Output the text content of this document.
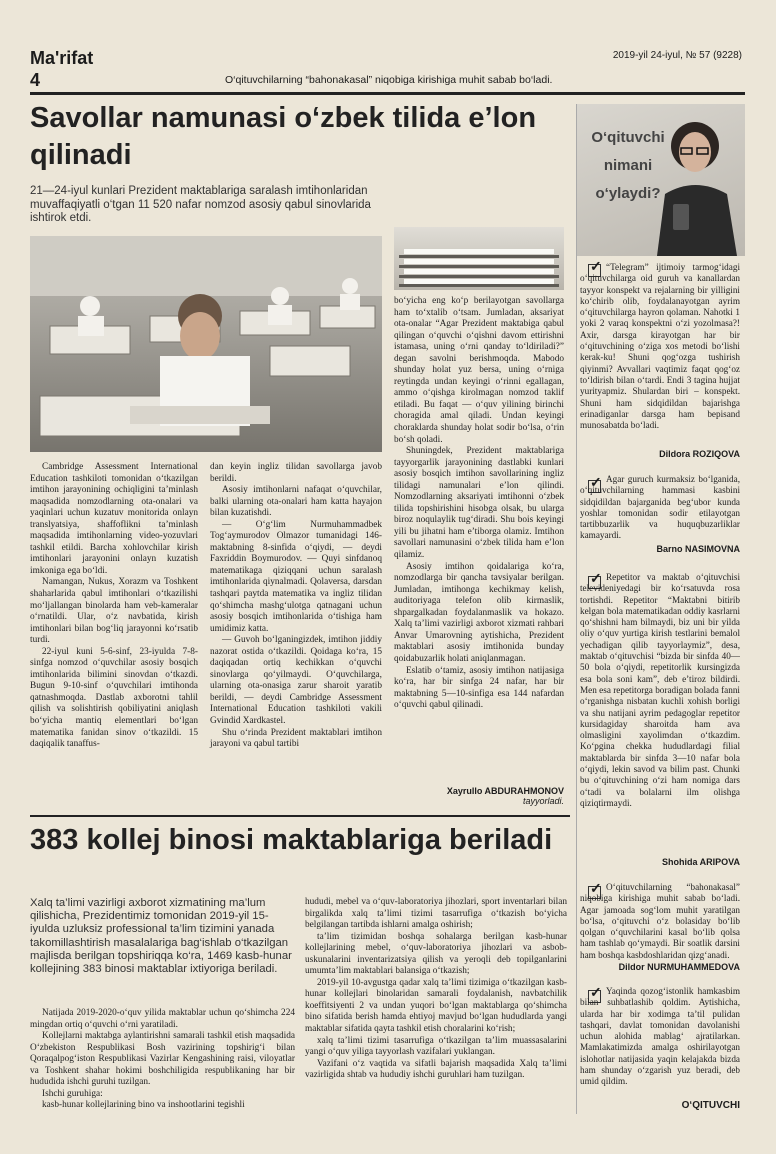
Ma'rifat	2019-yil 24-iyul, № 57 (9228)
4	O‘qituvchilarning “bahonakasal” niqobiga kirishiga muhit sabab bo‘ladi.
Savollar namunasi o‘zbek tilida e’lon qilinadi
21—24-iyul kunlari Prezident maktablariga saralash imtihonlaridan muvaffaqiyatli o‘tgan 11 520 nafar nomzod asosiy qabul sinovlarida ishtirok etdi.

Cambridge Assessment International Education tashkiloti tomonidan o‘tkazilgan imtihon jarayonining ochiqligini ta’minlash maqsadida nomzodlarning ota-onalari va yaqinlari uchun kuzatuv monitorida onlayn translyatsiya, shaffoflikni ta’minlash maqsadida imtihonlarning video-yozuvlari tashkil etildi. Barcha xohlovchilar kirish imtihonlari jarayonini onlayn kuzatish imkoniga ega bo‘ldi.

Namangan, Nukus, Xorazm va Toshkent shaharlarida qabul imtihonlari o‘tkazilishi mo‘ljallangan binolarda ham veb-kameralar o‘rnatildi. Ular, o‘z navbatida, kirish imtihonlari bilan bog‘liq jarayonni ko‘rsatib turdi.

22-iyul kuni 5-6-sinf, 23-iyulda 7-8-sinfga nomzod o‘quvchilar asosiy bosqich imtihonlarida bilimini sinovdan o‘tkazdi. Bugun 9-10-sinf o‘quvchilari imtihonda qatnashmoqda. Dastlab axborotni tahlil qilish va solishtirish qobiliyatini aniqlash bo‘yicha mantiq elementlari bo‘lgan matematika fanidan sinov o‘tkazildi. 15 daqiqalik tanaffus-

dan keyin ingliz tilidan savollarga javob berildi.

Asosiy imtihonlarni nafaqat o‘quvchilar, balki ularning ota-onalari ham katta hayajon bilan kuzatishdi.

— O‘g‘lim Nurmuhammadbek Tog‘aymurodov Olmazor tumanidagi 146-maktabning 8-sinfida o‘qiydi, — deydi Faxriddin Boymurodov. — Quyi sinfdanoq matematikaga qiziqqani uchun saralash imtihonlarida qiynalmadi. Qolaversa, darsdan tashqari paytda matematika va ingliz tilidan qo‘shimcha mashg‘ulotga qatnagani uchun asosiy bosqich imtihonlarida o‘tishiga ham umidimiz katta.

— Guvoh bo‘lganingizdek, imtihon jiddiy nazorat ostida o‘tkazildi. Qoidaga ko‘ra, 15 daqiqadan ortiq kechikkan o‘quvchi sinovlarga qo‘yilmaydi. O‘quvchilarga, ularning ota-onasiga zarur sharoit yaratib berildi, — deydi Cambridge Assessment International Education tashkiloti vakili Gvindid Xardkastel.

Shu o‘rinda Prezident maktablari imtihon jarayoni va qabul tartibi

bo‘yicha eng ko‘p berilayotgan savollarga ham to‘xtalib o‘tsam. Jumladan, aksariyat ota-onalar “Agar Prezident maktabiga qabul qilingan o‘quvchi o‘qishni davom ettirishni istamasa, uning o‘rni qanday to‘ldiriladi?” degan savolni berishmoqda. Mabodo shunday holat yuz bersa, uning o‘rniga reytingda undan keyingi o‘rinni egallagan, ammo o‘qishga kirolmagan nomzod taklif etiladi. Bu faqat — o‘quv yilining birinchi choragida amal qiladi. Undan keyingi choraklarda shunday holat sodir bo‘lsa, o‘rin bo‘sh qoladi.

Shuningdek, Prezident maktablariga tayyorgarlik jarayonining dastlabki kunlari asosiy bosqich imtihon savollarining ingliz tilidagi namunalari e’lon qilindi. Nomzodlarning aksariyati imtihonni o‘zbek tilida topshirishini hisobga olsak, bu ularga biroz noqulaylik tug‘diradi. Shu bois keyingi yili bu jihatni ham e’tiborga olamiz. Imtihon savollari namunasini o‘zbek tilida ham e’lon qilamiz.

Asosiy imtihon qoidalariga ko‘ra, nomzodlarga bir qancha tavsiyalar berilgan. Jumladan, imtihonga kechikmay kelish, auditoriyaga telefon olib kirmaslik, shpargalkadan foydalanmaslik va hokazo. Xalq ta’limi vazirligi axborot xizmati rahbari Anvar Umarovning aytishicha, Prezident maktablari asosiy imtihonida bunday qoidabuzarlik holati aniqlanmagan.

Eslatib o‘tamiz, asosiy imtihon natijasiga ko‘ra, har bir sinfga 24 nafar, har bir maktabning 5—10-sinfiga esa 144 nafardan o‘quvchi qabul qilinadi.

Xayrullo ABDURAHMONOV
tayyorladi.
383 kollej binosi maktablariga beriladi
Xalq ta’limi vazirligi axborot xizmatining ma’lum qilishicha, Prezidentimiz tomonidan 2019-yil 15-iyulda uzluksiz professional ta’lim tizimini yanada takomillashtirish masalalariga bag‘ishlab o‘tkazilgan majlisda berilgan topshiriqqa ko‘ra, 1469 kasb-hunar kollejining 383 binosi maktablar ixtiyoriga beriladi.

Natijada 2019-2020-o‘quv yilida maktablar uchun qo‘shimcha 224 mingdan ortiq o‘quvchi o‘rni yaratiladi.

Kollejlarni maktabga aylantirishni samarali tashkil etish maqsadida O‘zbekiston Respublikasi Bosh vazirining topshirig‘i bilan Qoraqalpog‘iston Respublikasi Vazirlar Kengashining raisi, viloyatlar va Toshkent shahar hokimi boshchiligida respublikaning har bir hududida ishchi guruhi tuzilgan.

Ishchi guruhiga:

kasb-hunar kollejlarining bino va inshootlarini tegishli

hududi, mebel va o‘quv-laboratoriya jihozlari, sport inventarlari bilan birgalikda xalq ta’limi tizimi tasarrufiga o‘tkazish bo‘yicha belgilangan tartibda ishlarni amalga oshirish;

ta’lim tizimidan boshqa sohalarga berilgan kasb-hunar kollejlarining mebel, o‘quv-laboratoriya jihozlari va asbob-uskunalarini inventarizatsiya qilish va yeroqli deb topilganlarini umumta’lim maktablari balansiga o‘tkazish;

2019-yil 10-avgustga qadar xalq ta’limi tizimiga o‘tkazilgan kasb-hunar kollejlari binolaridan samarali foydalanish, navbatchilik koeffitsiyenti 2 va undan yuqori bo‘lgan maktablarga qo‘shimcha bino sifatida berish hamda ehtiyoj mavjud bo‘lgan hududlarda yangi maktablar sifatida qayta tashkil etish choralarini ko‘rish;

xalq ta’limi tizimi tasarrufiga o‘tkazilgan ta’lim muassasalarini yangi o‘quv yiliga tayyorlash vazifalari yuklangan.

Vazifani o‘z vaqtida va sifatli bajarish maqsadida Xalq ta’limi vazirligida shtab va hududiy ishchi guruhlari ham tuzilgan.

O‘qituvchi
nimani
o‘ylaydi?
✓

“Telegram” ijtimoiy tarmog‘idagi o‘qituvchilarga oid guruh va kanallardan tayyor konspekt va rejalarning bir yilligini ko‘chirib olib, foydalanayotgan ayrim o‘qituvchilarga hayron qolaman. Nahotki 1 yoki 2 varaq konspektni o‘zi yozolmasa?! Axir, darsga kirayotgan har bir o‘qituvchining o‘ziga xos metodi bo‘lishi kerak-ku! Shuni qog‘ozga tushirish qiyinmi? Avvallari vaqtimiz faqat qog‘oz to‘ldirish bilan o‘tardi. Endi 3 tagina hujjat yurityapmiz. Shulardan biri – konspekt. Shuni ham sidqidildan bajarishga erinadiganlar darsga ham bepisand munosabatda bo‘ladi.

Dildora ROZIQOVA
✓

Agar guruch kurmaksiz bo‘lganida, o‘qituvchilarning hammasi kasbini sidqidildan bajarganida beg‘ubor kunda yoshlar tomonidan sodir etilayotgan tartibbuzarlik va huquqbuzarliklar kamayardi.

Barno NASIMOVNA
✓

Repetitor va maktab o‘qituvchisi televideniyedagi bir ko‘rsatuvda rosa tortishdi. Repetitor “Maktabni bitirib kelgan bola matematikadan oddiy kasrlarni qo‘shishni ham bilmaydi, biz uni bir yilda oliy o‘quv yurtiga kirish testlarini bemalol yechadigan qilib tayyorlaymiz”, desa, maktab o‘qituvchisi “bizda bir sinfda 40—50 bola o‘qiydi, repetitorlik kursingizda esa bola soni kam”, deb e’tiroz bildirdi. Men esa repetitorga boradigan bolada fanni o‘rganishga nisbatan kuchli xohish borligi va shu natijani ayrim pedagoglar repetitor kursidagiday sharoitda ham ava olmasligini xayolimdan o‘tkazdim. Ko‘pgina chekka hududlardagi filial maktablarda bir sinfda 3—10 nafar bola o‘qiydi, lekin savod va bilim past. Chunki bu o‘qituvchining o‘zi ham nomiga dars o‘tadi va bolalarni ilm olishga qiziqtirmaydi.

Shohida ARIPOVA
✓

O‘qituvchilarning “bahonakasal” niqobiga kirishiga muhit sabab bo‘ladi. Agar jamoada sog‘lom muhit yaratilgan bo‘lsa, o‘qituvchi o‘z bolasiday bo‘lib qolgan o‘quvchilarini kasal bo‘lib qolsa ham tashlab qo‘ymaydi. Bir soatlik darsini ham boshqa kasbdoshlaridan qizg‘anadi.

Dildor NURMUHAMMEDOVA
✓

Yaqinda qozog‘istonlik hamkasbim bilan suhbatlashib qoldim. Aytishicha, ularda har bir xodimga ta’til pulidan tashqari, davlat tomonidan davolanishi uchun alohida mablag‘ ajratilarkan. Mamlakatimizda amalga oshirilayotgan islohotlar natijasida yaqin kelajakda bizda ham shunday o‘zgarish yuz beradi, deb umid qildim.

O‘QITUVCHI
